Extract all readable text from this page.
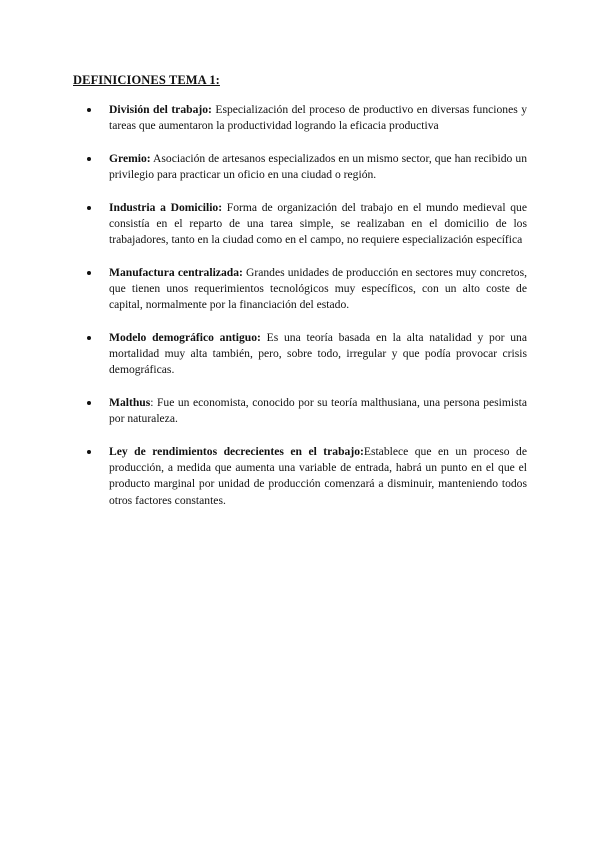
DEFINICIONES TEMA 1:
División del trabajo: Especialización del proceso de productivo en diversas funciones y tareas que aumentaron la productividad logrando la eficacia productiva
Gremio: Asociación de artesanos especializados en un mismo sector, que han recibido un privilegio para practicar un oficio en una ciudad o región.
Industria a Domicilio: Forma de organización del trabajo en el mundo medieval que consistía en el reparto de una tarea simple, se realizaban en el domicilio de los trabajadores, tanto en la ciudad como en el campo, no requiere especialización específica
Manufactura centralizada: Grandes unidades de producción en sectores muy concretos, que tienen unos requerimientos tecnológicos muy específicos, con un alto coste de capital, normalmente por la financiación del estado.
Modelo demográfico antiguo: Es una teoría basada en la alta natalidad y por una mortalidad muy alta también, pero, sobre todo, irregular y que podía provocar crisis demográficas.
Malthus: Fue un economista, conocido por su teoría malthusiana, una persona pesimista por naturaleza.
Ley de rendimientos decrecientes en el trabajo:Establece que en un proceso de producción, a medida que aumenta una variable de entrada, habrá un punto en el que el producto marginal por unidad de producción comenzará a disminuir, manteniendo todos otros factores constantes.
